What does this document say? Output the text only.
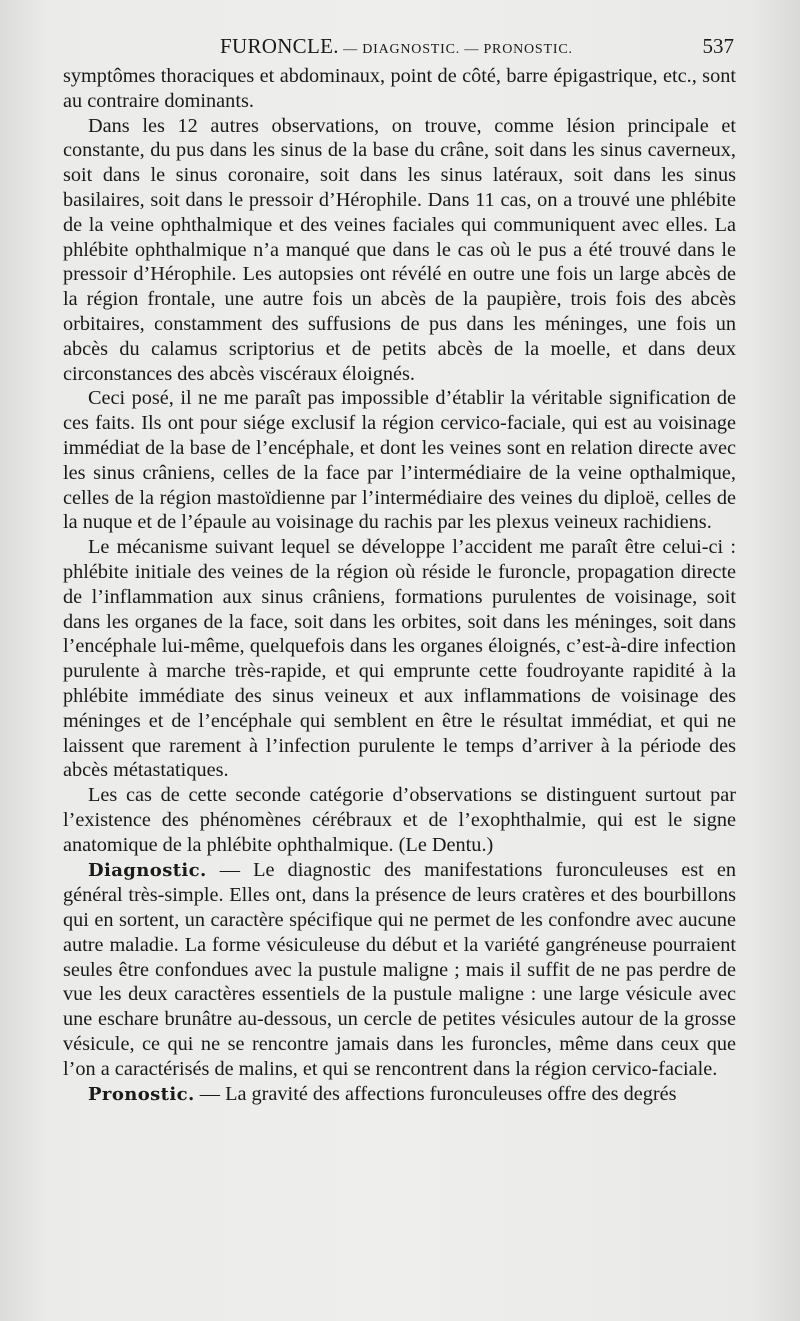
FURONCLE. — DIAGNOSTIC. — PRONOSTIC.	537

symptômes thoraciques et abdominaux, point de côté, barre épigastrique, etc., sont au contraire dominants.

Dans les 12 autres observations, on trouve, comme lésion principale et constante, du pus dans les sinus de la base du crâne, soit dans les sinus caverneux, soit dans le sinus coronaire, soit dans les sinus latéraux, soit dans les sinus basilaires, soit dans le pressoir d’Hérophile. Dans 11 cas, on a trouvé une phlébite de la veine ophthalmique et des veines faciales qui communiquent avec elles. La phlébite ophthalmique n’a manqué que dans le cas où le pus a été trouvé dans le pressoir d’Hérophile. Les autopsies ont révélé en outre une fois un large abcès de la région frontale, une autre fois un abcès de la paupière, trois fois des abcès orbitaires, constamment des suffusions de pus dans les méninges, une fois un abcès du calamus scriptorius et de petits abcès de la moelle, et dans deux circonstances des abcès viscéraux éloignés.

Ceci posé, il ne me paraît pas impossible d’établir la véritable signification de ces faits. Ils ont pour siége exclusif la région cervico-faciale, qui est au voisinage immédiat de la base de l’encéphale, et dont les veines sont en relation directe avec les sinus crâniens, celles de la face par l’intermédiaire de la veine opthalmique, celles de la région mastoïdienne par l’intermédiaire des veines du diploë, celles de la nuque et de l’épaule au voisinage du rachis par les plexus veineux rachidiens.

Le mécanisme suivant lequel se développe l’accident me paraît être celui-ci : phlébite initiale des veines de la région où réside le furoncle, propagation directe de l’inflammation aux sinus crâniens, formations purulentes de voisinage, soit dans les organes de la face, soit dans les orbites, soit dans les méninges, soit dans l’encéphale lui-même, quelquefois dans les organes éloignés, c’est-à-dire infection purulente à marche très-rapide, et qui emprunte cette foudroyante rapidité à la phlébite immédiate des sinus veineux et aux inflammations de voisinage des méninges et de l’encéphale qui semblent en être le résultat immédiat, et qui ne laissent que rarement à l’infection purulente le temps d’arriver à la période des abcès métastatiques.

Les cas de cette seconde catégorie d’observations se distinguent surtout par l’existence des phénomènes cérébraux et de l’exophthalmie, qui est le signe anatomique de la phlébite ophthalmique. (Le Dentu.)

Diagnostic. — Le diagnostic des manifestations furonculeuses est en général très-simple. Elles ont, dans la présence de leurs cratères et des bourbillons qui en sortent, un caractère spécifique qui ne permet de les confondre avec aucune autre maladie. La forme vésiculeuse du début et la variété gangréneuse pourraient seules être confondues avec la pustule maligne ; mais il suffit de ne pas perdre de vue les deux caractères essentiels de la pustule maligne : une large vésicule avec une eschare brunâtre au-dessous, un cercle de petites vésicules autour de la grosse vésicule, ce qui ne se rencontre jamais dans les furoncles, même dans ceux que l’on a caractérisés de malins, et qui se rencontrent dans la région cervico-faciale.

Pronostic. — La gravité des affections furonculeuses offre des degrés
